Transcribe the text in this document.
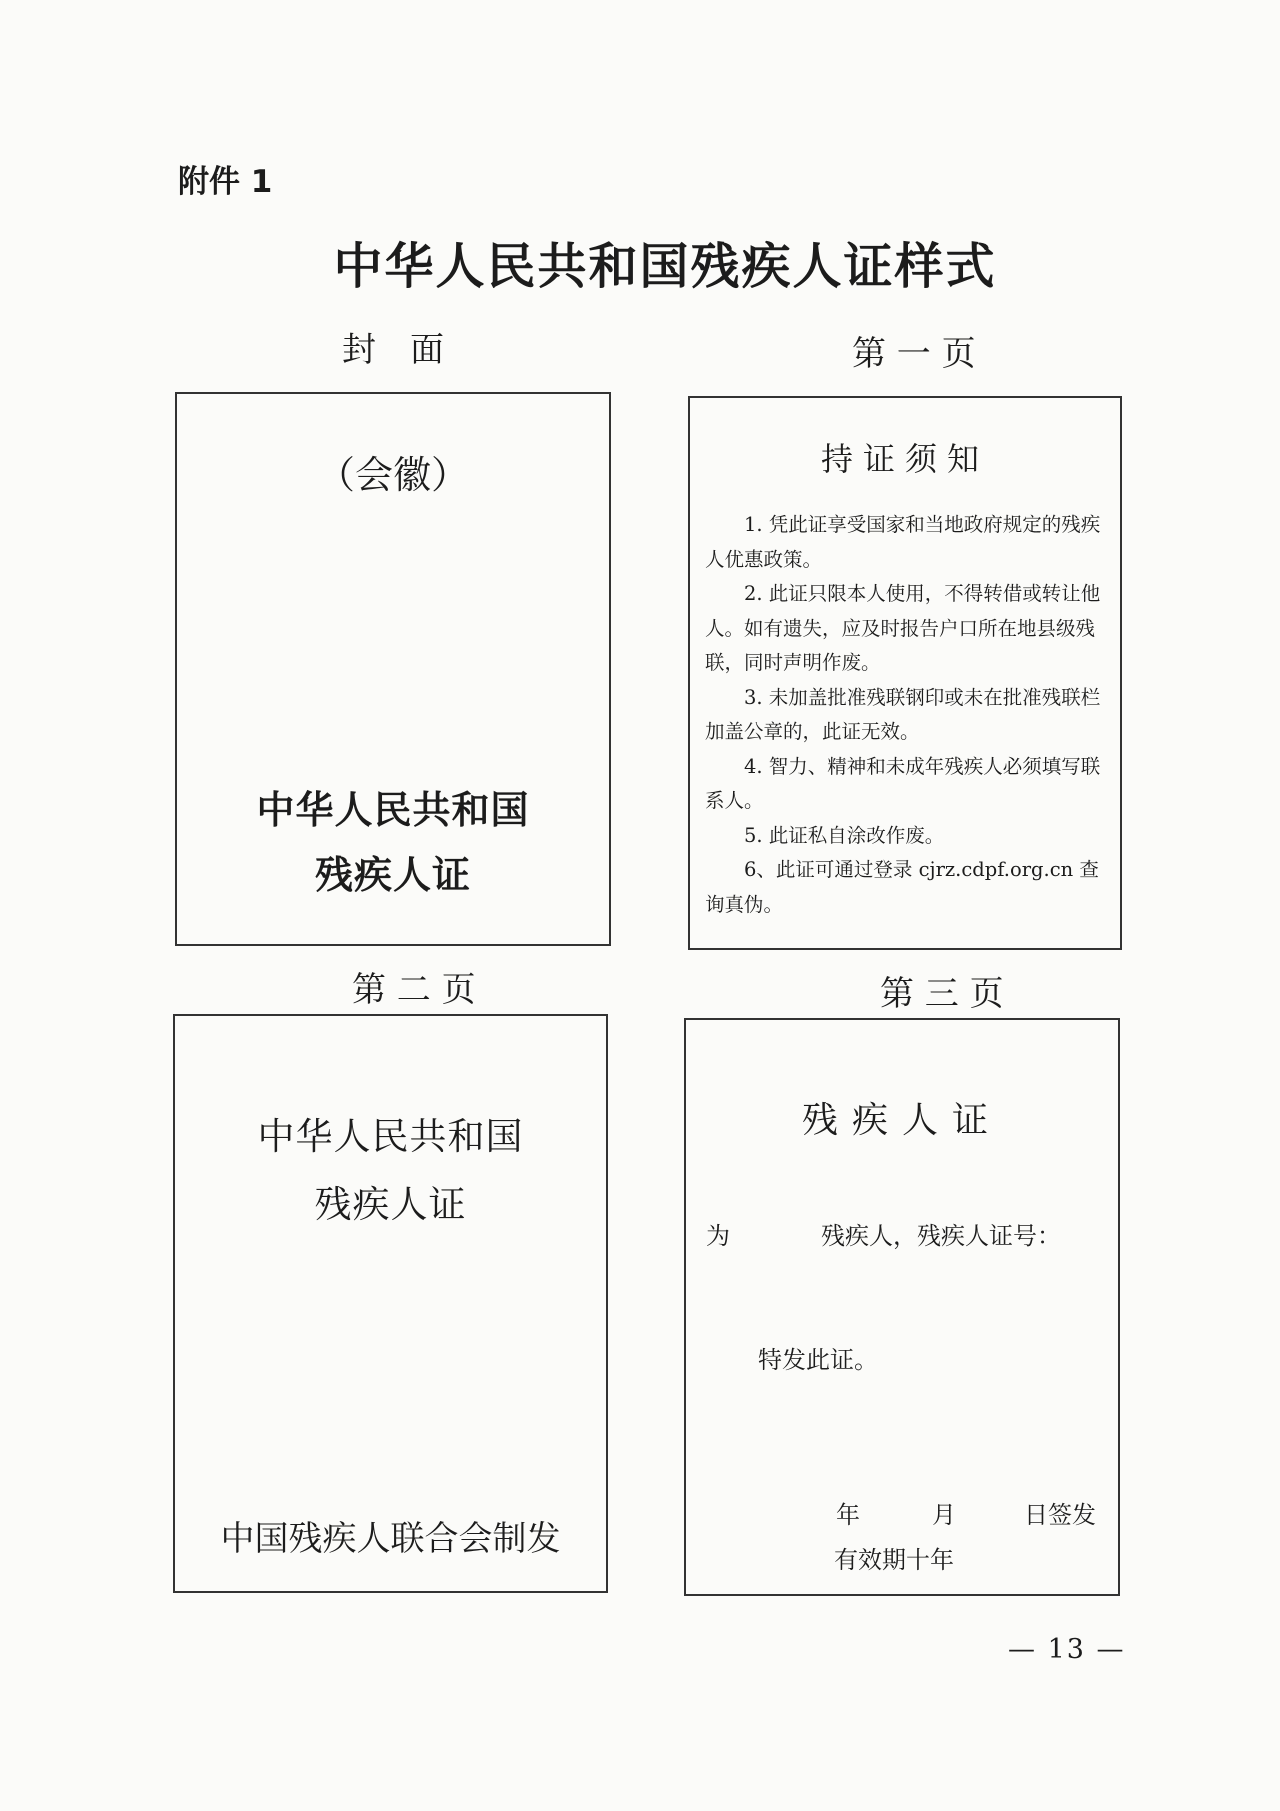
附件 1
中华人民共和国残疾人证样式
封　面	第 一 页
第 二 页	第 三 页
（会徽）
中华人民共和国
残疾人证
持证须知

1. 凭此证享受国家和当地政府规定的残疾人优惠政策。

2. 此证只限本人使用，不得转借或转让他人。如有遗失，应及时报告户口所在地县级残联，同时声明作废。

3. 未加盖批准残联钢印或未在批准残联栏加盖公章的，此证无效。

4. 智力、精神和未成年残疾人必须填写联系人。

5. 此证私自涂改作废。

6、此证可通过登录 cjrz.cdpf.org.cn 查询真伪。

中华人民共和国
残疾人证
中国残疾人联合会制发
残疾人证
为	残疾人，残疾人证号：
特发此证。
年	月	日签发
有效期十年
— 13 —
